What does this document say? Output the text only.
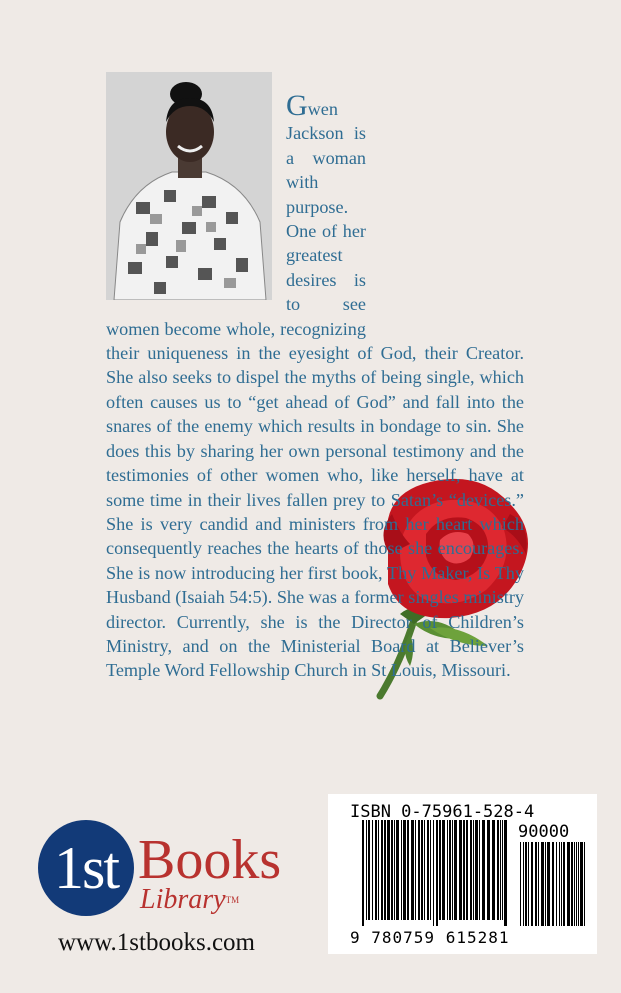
Gwen Jackson is a woman with purpose. One of her greatest desires is to see women become whole, recognizing their uniqueness in the eyesight of God, their Creator. She also seeks to dispel the myths of being single, which often causes us to “get ahead of God” and fall into the snares of the enemy which results in bondage to sin. She does this by sharing her own personal testimony and the testimonies of other women who, like herself, have at some time in their lives fallen prey to Satan’s “devices.” She is very candid and ministers from her heart which consequently reaches the hearts of those she encourages. She is now introducing her first book, Thy Maker, Is Thy Husband (Isaiah 54:5). She was a former singles ministry director. Currently, she is the Director of Children’s Ministry, and on the Ministerial Board at Believer’s Temple Word Fellowship Church in St Louis, Missouri.

1st Books
Library™
www.1stbooks.com
ISBN 0-75961-528-4
90000
9 780759 615281
